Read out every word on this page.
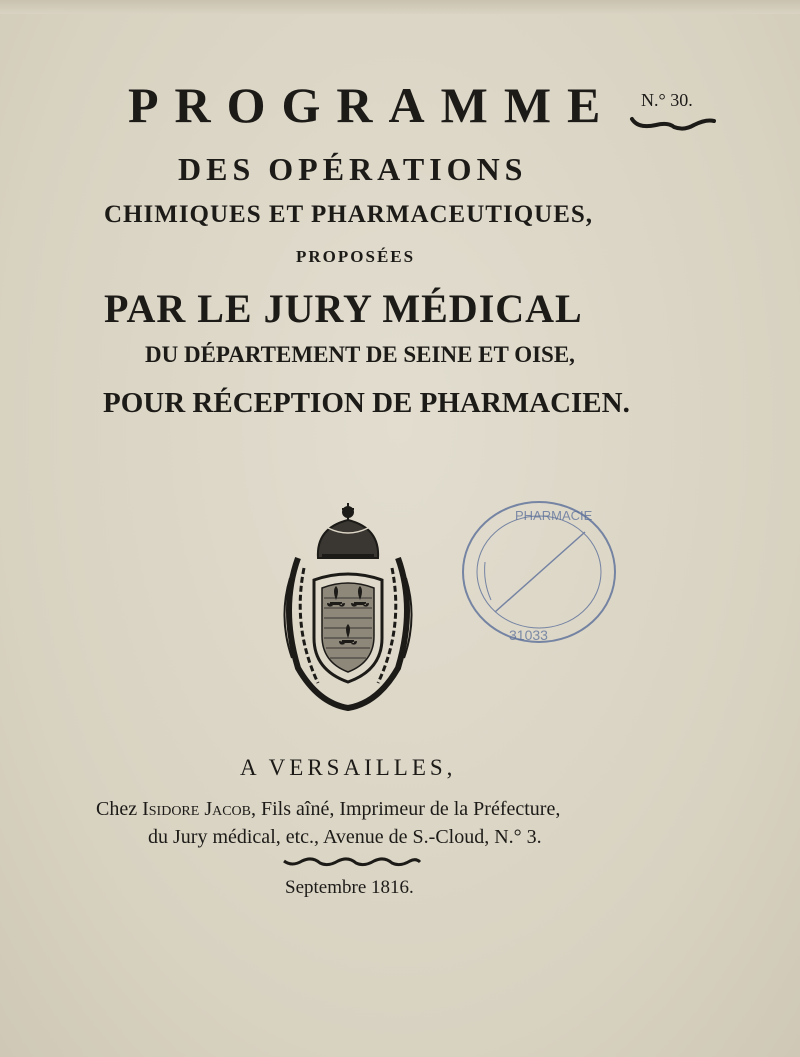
PROGRAMME N.° 30.
DES OPÉRATIONS
CHIMIQUES ET PHARMACEUTIQUES,
PROPOSÉES
PAR LE JURY MÉDICAL
DU DÉPARTEMENT DE SEINE ET OISE,
POUR RÉCEPTION DE PHARMACIEN.
PHARMACIE
31033
A VERSAILLES,
Chez Isidore Jacob, Fils aîné, Imprimeur de la Préfecture,
du Jury médical, etc., Avenue de S.-Cloud, N.° 3.
Septembre 1816.
